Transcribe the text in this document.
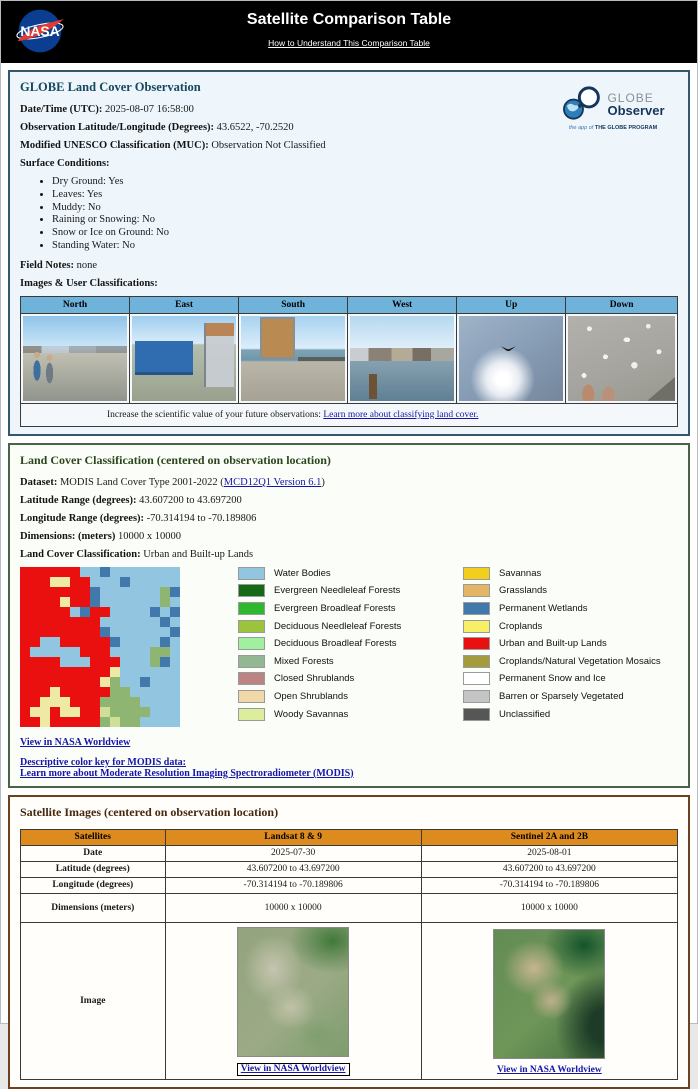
NASA
Satellite Comparison Table
How to Understand This Comparison Table
GLOBE
Observer
the app of THE GLOBE PROGRAM
GLOBE Land Cover Observation
Date/Time (UTC): 2025-08-07 16:58:00
Observation Latitude/Longitude (Degrees): 43.6522, -70.2520
Modified UNESCO Classification (MUC): Observation Not Classified
Surface Conditions:
• Dry Ground: Yes
• Leaves: Yes
• Muddy: No
• Raining or Snowing: No
• Snow or Ice on Ground: No
• Standing Water: No
Field Notes: none
Images & User Classifications:
North	East	South	West	Up	Down

Increase the scientific value of your future observations: Learn more about classifying land cover.
Land Cover Classification (centered on observation location)
Dataset: MODIS Land Cover Type 2001-2022 (MCD12Q1 Version 6.1)
Latitude Range (degrees): 43.607200 to 43.697200
Longitude Range (degrees): -70.314194 to -70.189806
Dimensions: (meters) 10000 x 10000
Land Cover Classification: Urban and Built-up Lands
Water Bodies
Evergreen Needleleaf Forests
Evergreen Broadleaf Forests
Deciduous Needleleaf Forests
Deciduous Broadleaf Forests
Mixed Forests
Closed Shrublands
Open Shrublands
Woody Savannas
Savannas
Grasslands
Permanent Wetlands
Croplands
Urban and Built-up Lands
Croplands/Natural Vegetation Mosaics
Permanent Snow and Ice
Barren or Sparsely Vegetated
Unclassified
View in NASA Worldview
Descriptive color key for MODIS data:
Learn more about Moderate Resolution Imaging Spectroradiometer (MODIS)
Satellite Images (centered on observation location)
Satellites	Landsat 8 & 9	Sentinel 2A and 2B
Date	2025-07-30	2025-08-01
Latitude (degrees)	43.607200 to 43.697200	43.607200 to 43.697200
Longitude (degrees)	-70.314194 to -70.189806	-70.314194 to -70.189806
Dimensions (meters)	10000 x 10000	10000 x 10000
Image	View in NASA Worldview	View in NASA Worldview
